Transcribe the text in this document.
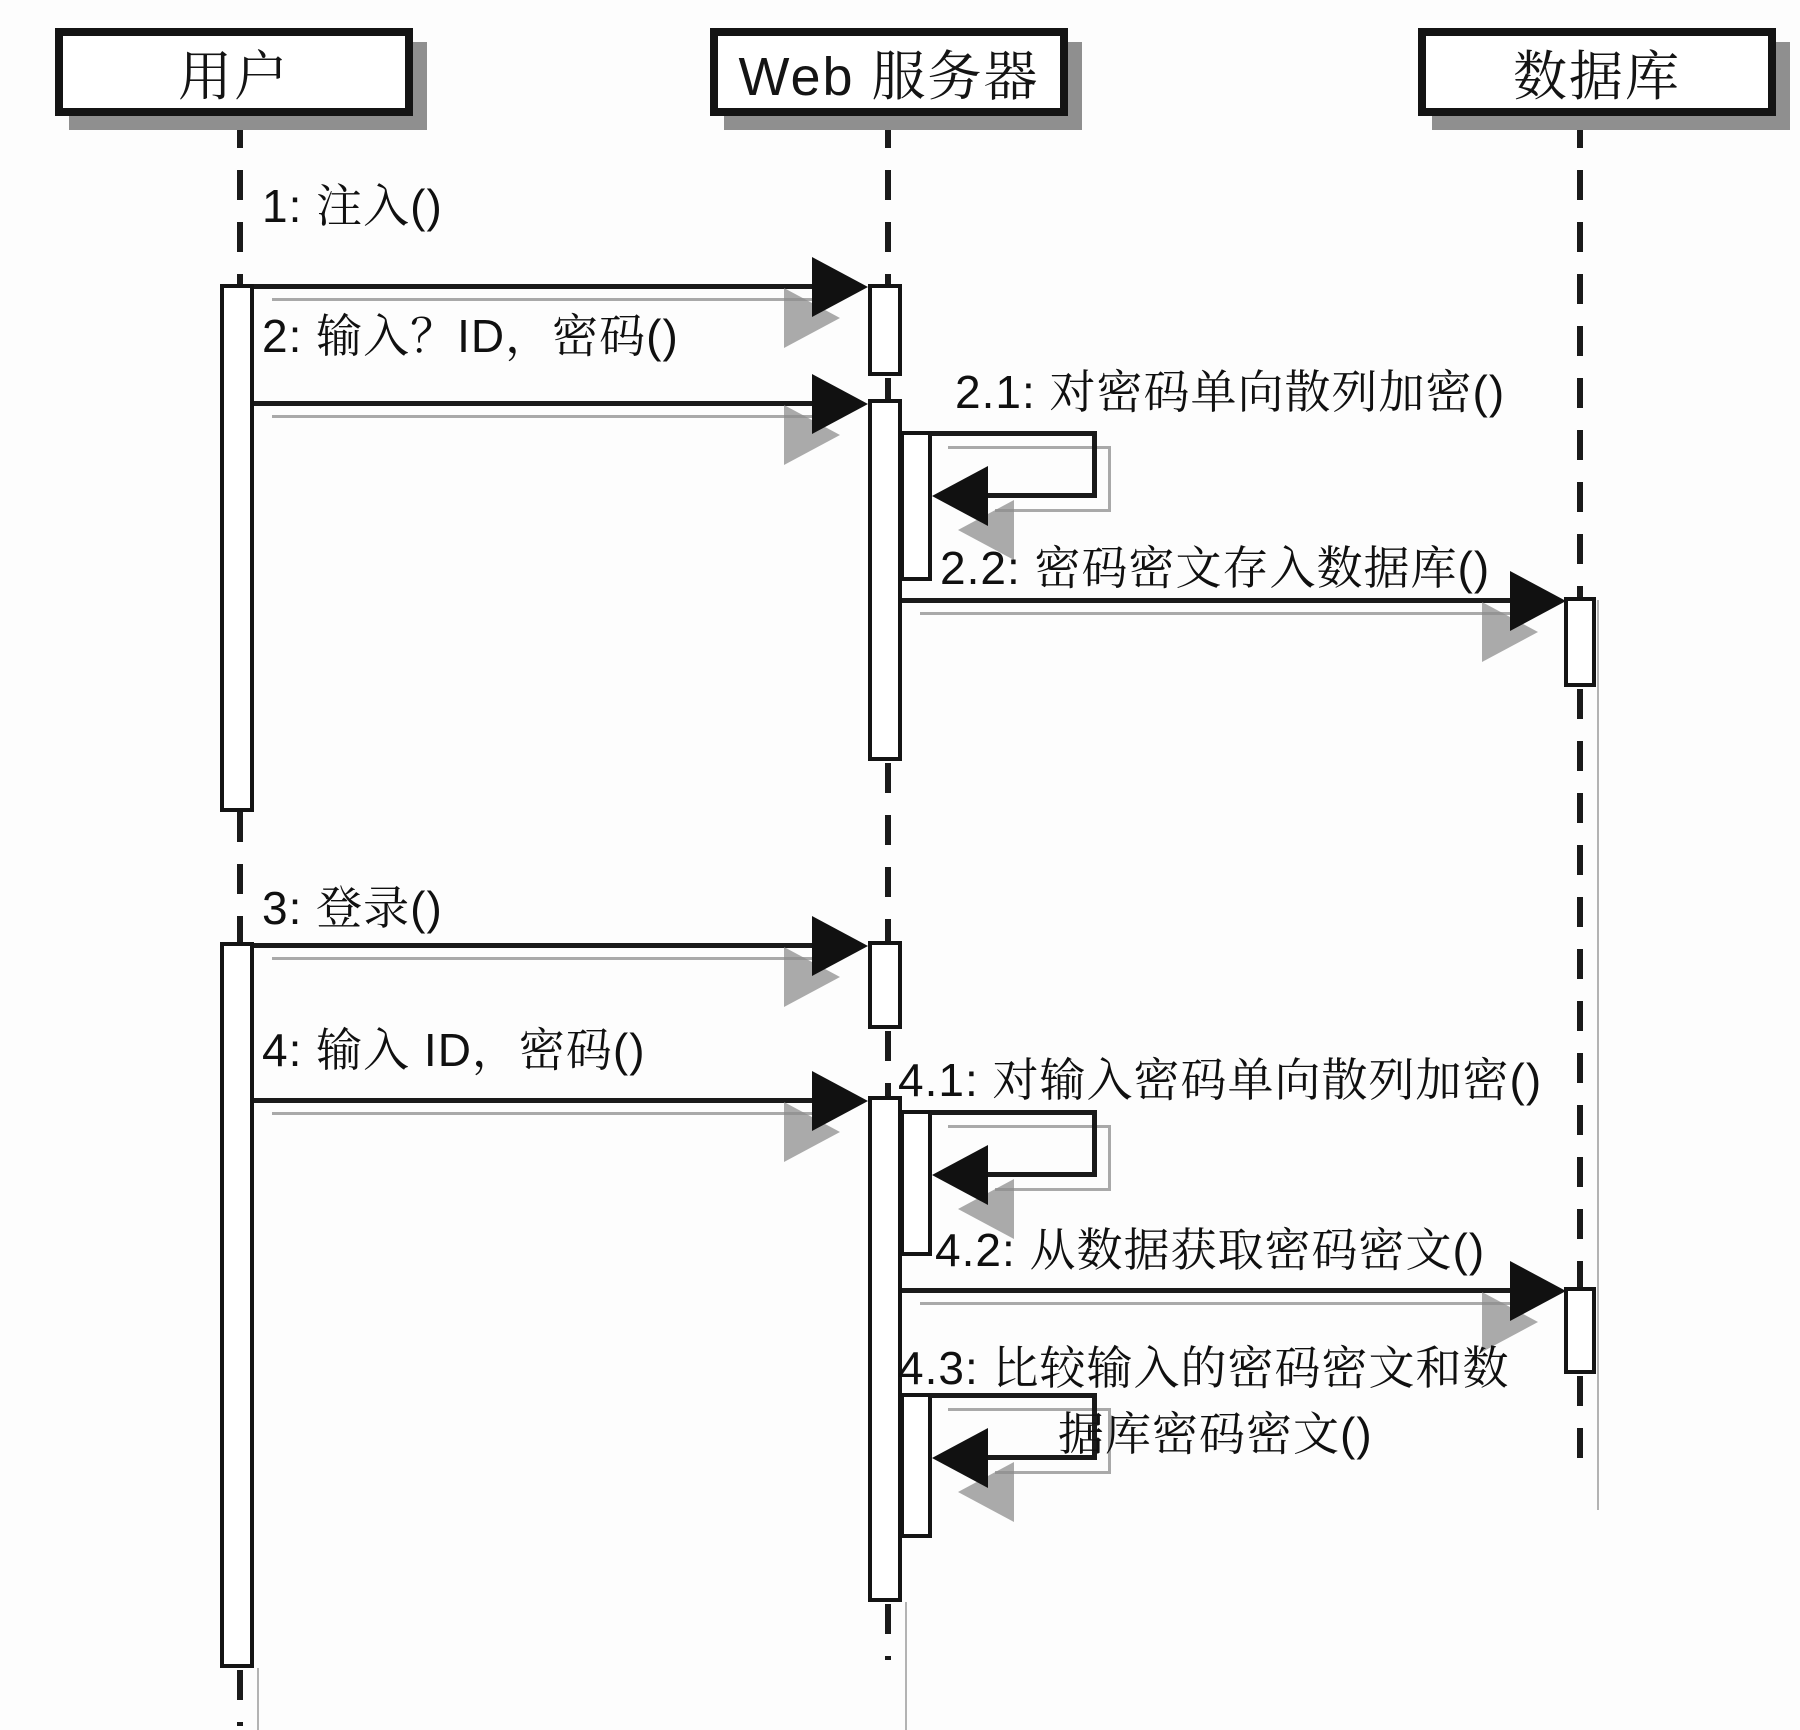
用户	Web 服务器	数据库
1: 注入()
2: 输入？ID，密码()
2.1: 对密码单向散列加密()
2.2: 密码密文存入数据库()
3: 登录()
4: 输入 ID，密码()
4.1: 对输入密码单向散列加密()
4.2: 从数据获取密码密文()
4.3: 比较输入的密码密文和数
据库密码密文()
